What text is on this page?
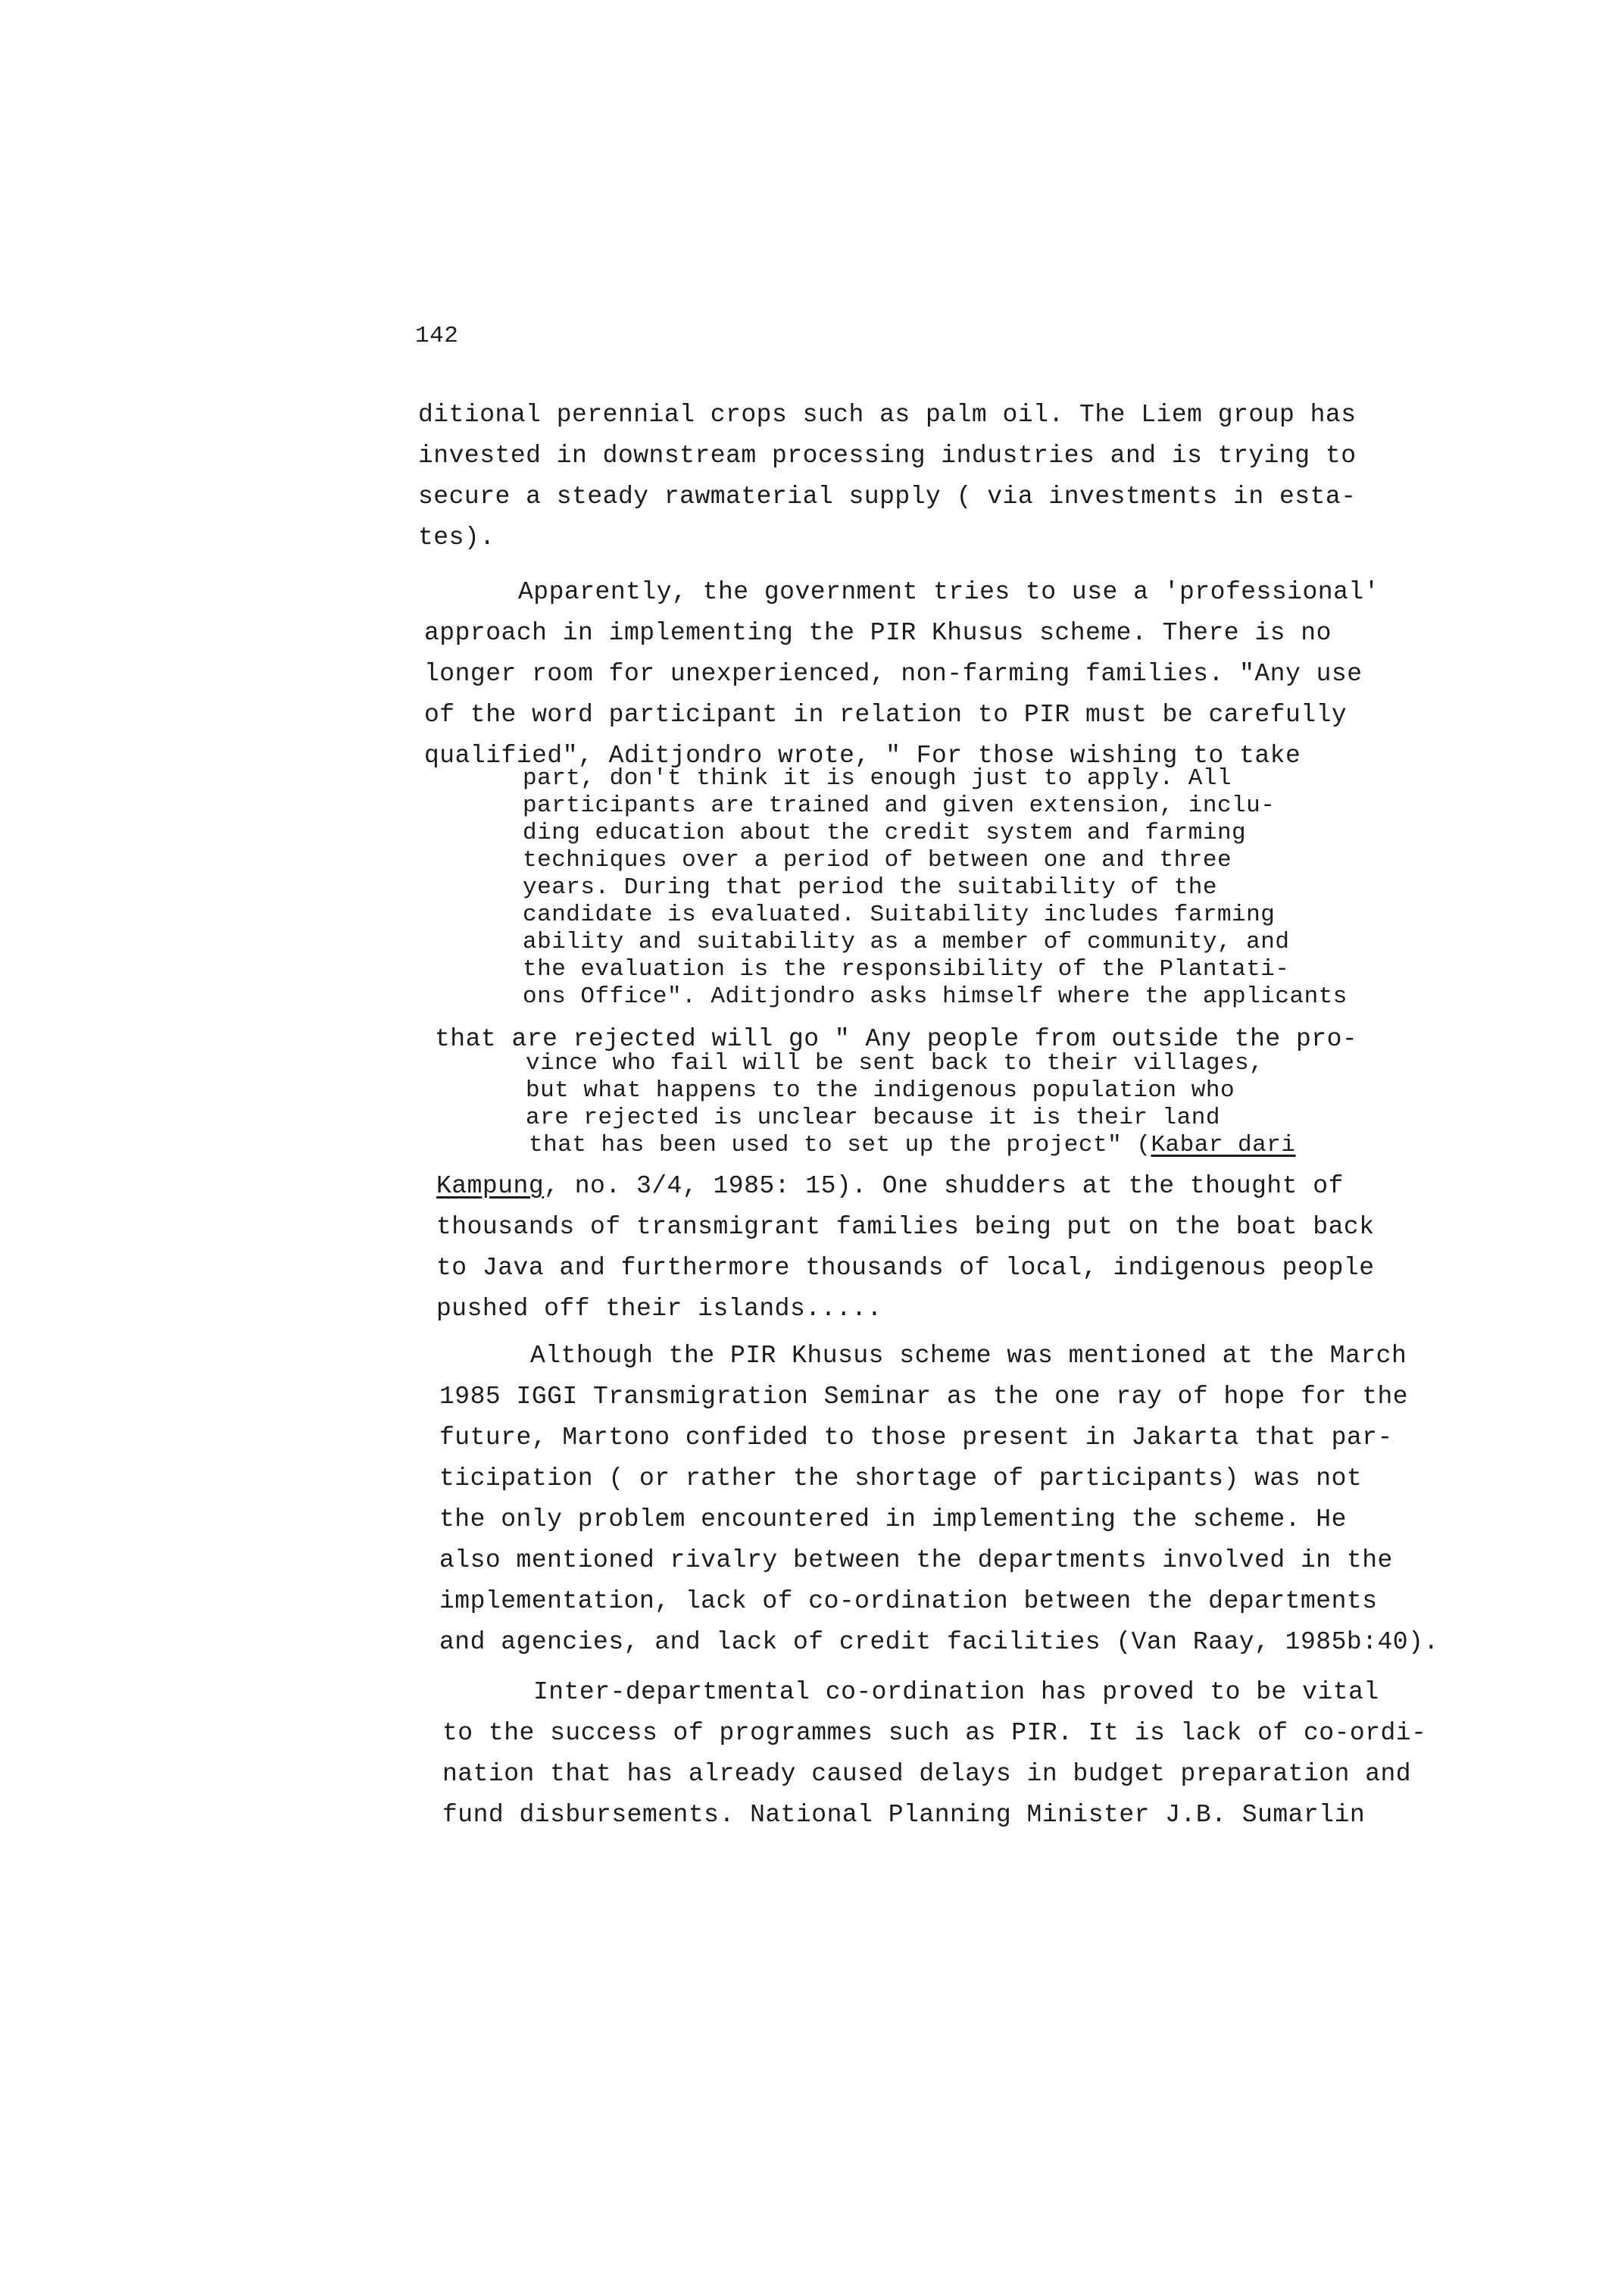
142
ditional perennial crops such as palm oil. The Liem group has
invested in downstream processing industries and is trying to
secure a steady rawmaterial supply ( via investments in esta-
tes).
Apparently, the government tries to use a 'professional'
approach in implementing the PIR Khusus scheme. There is no
longer room for unexperienced, non-farming families. "Any use
of the word participant in relation to PIR must be carefully
qualified", Aditjondro wrote, " For those wishing to take
part, don't think it is enough just to apply. All
participants are trained and given extension, inclu-
ding education about the credit system and farming
techniques over a period of between one and three
years. During that period the suitability of the
candidate is evaluated. Suitability includes farming
ability and suitability as a member of community, and
the evaluation is the responsibility of the Plantati-
ons Office". Aditjondro asks himself where the applicants
that are rejected will go " Any people from outside the pro-
vince who fail will be sent back to their villages,
but what happens to the indigenous population who
are rejected is unclear because it is their land
that has been used to set up the project" (Kabar dari
Kampung, no. 3/4, 1985: 15). One shudders at the thought of
thousands of transmigrant families being put on the boat back
to Java and furthermore thousands of local, indigenous people
pushed off their islands.....
Although the PIR Khusus scheme was mentioned at the March
1985 IGGI Transmigration Seminar as the one ray of hope for the
future, Martono confided to those present in Jakarta that par-
ticipation ( or rather the shortage of participants) was not
the only problem encountered in implementing the scheme. He
also mentioned rivalry between the departments involved in the
implementation, lack of co-ordination between the departments
and agencies, and lack of credit facilities (Van Raay, 1985b:40).
Inter-departmental co-ordination has proved to be vital
to the success of programmes such as PIR. It is lack of co-ordi-
nation that has already caused delays in budget preparation and
fund disbursements. National Planning Minister J.B. Sumarlin
